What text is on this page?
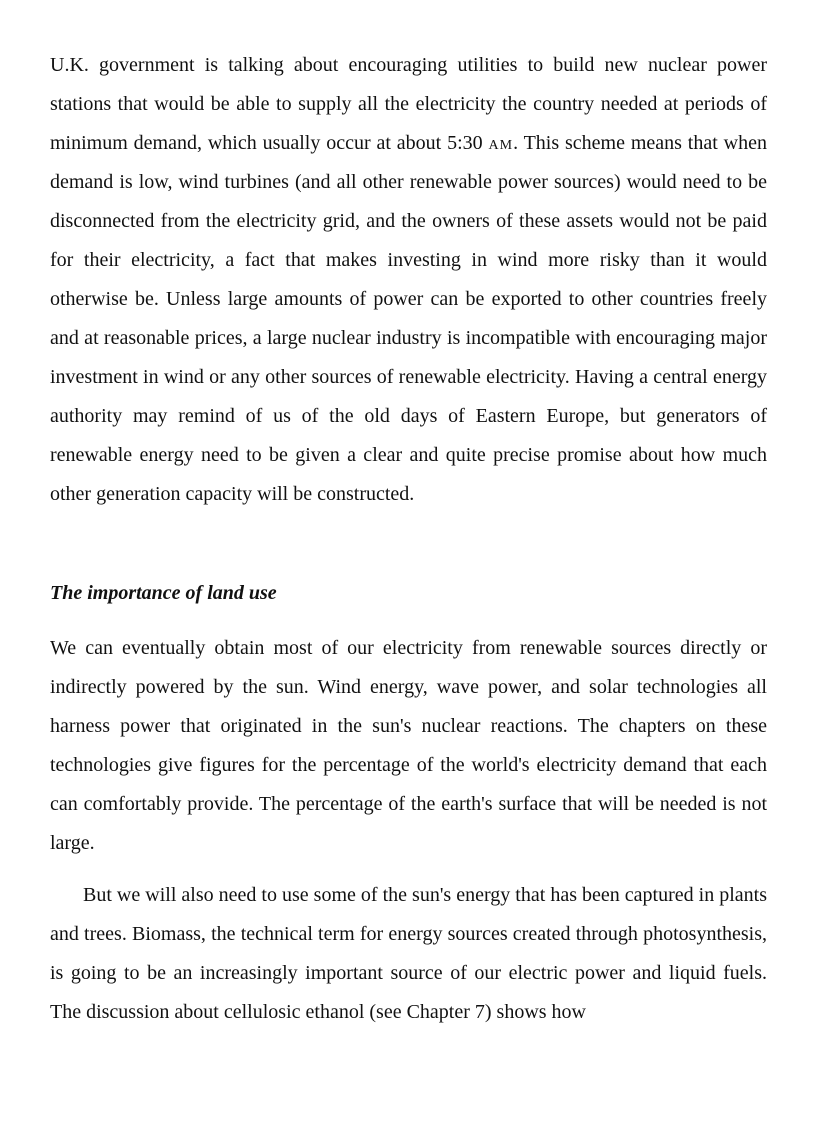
U.K. government is talking about encouraging utilities to build new nuclear power stations that would be able to supply all the electricity the country needed at periods of minimum demand, which usually occur at about 5:30 am. This scheme means that when demand is low, wind turbines (and all other renewable power sources) would need to be disconnected from the electricity grid, and the owners of these assets would not be paid for their electricity, a fact that makes investing in wind more risky than it would otherwise be. Unless large amounts of power can be exported to other countries freely and at reasonable prices, a large nuclear industry is incompatible with encouraging major investment in wind or any other sources of renewable electricity. Having a central energy authority may remind of us of the old days of Eastern Europe, but generators of renewable energy need to be given a clear and quite precise promise about how much other generation capacity will be constructed.

The importance of land use

We can eventually obtain most of our electricity from renewable sources directly or indirectly powered by the sun. Wind energy, wave power, and solar technologies all harness power that originated in the sun's nuclear reactions. The chapters on these technologies give figures for the percentage of the world's electricity demand that each can comfortably provide. The percentage of the earth's surface that will be needed is not large.

But we will also need to use some of the sun's energy that has been captured in plants and trees. Biomass, the technical term for energy sources created through photosynthesis, is going to be an increasingly important source of our electric power and liquid fuels. The discussion about cellulosic ethanol (see Chapter 7) shows how
